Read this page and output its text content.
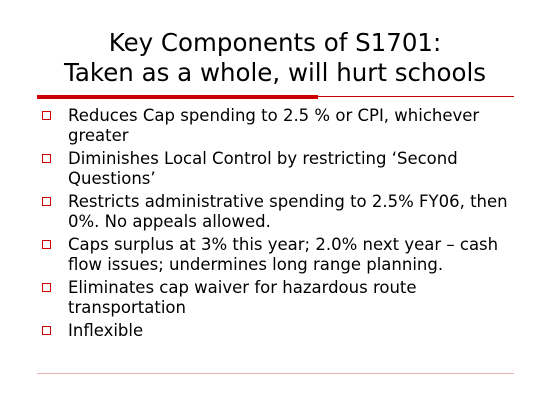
Key Components of S1701:
Taken as a whole, will hurt schools
Reduces Cap spending to 2.5 % or CPI, whichever greater
Diminishes Local Control by restricting ‘Second Questions’
Restricts administrative spending to 2.5% FY06, then 0%. No appeals allowed.
Caps surplus at 3% this year; 2.0% next year – cash flow issues; undermines long range planning.
Eliminates cap waiver for hazardous route transportation
Inflexible
